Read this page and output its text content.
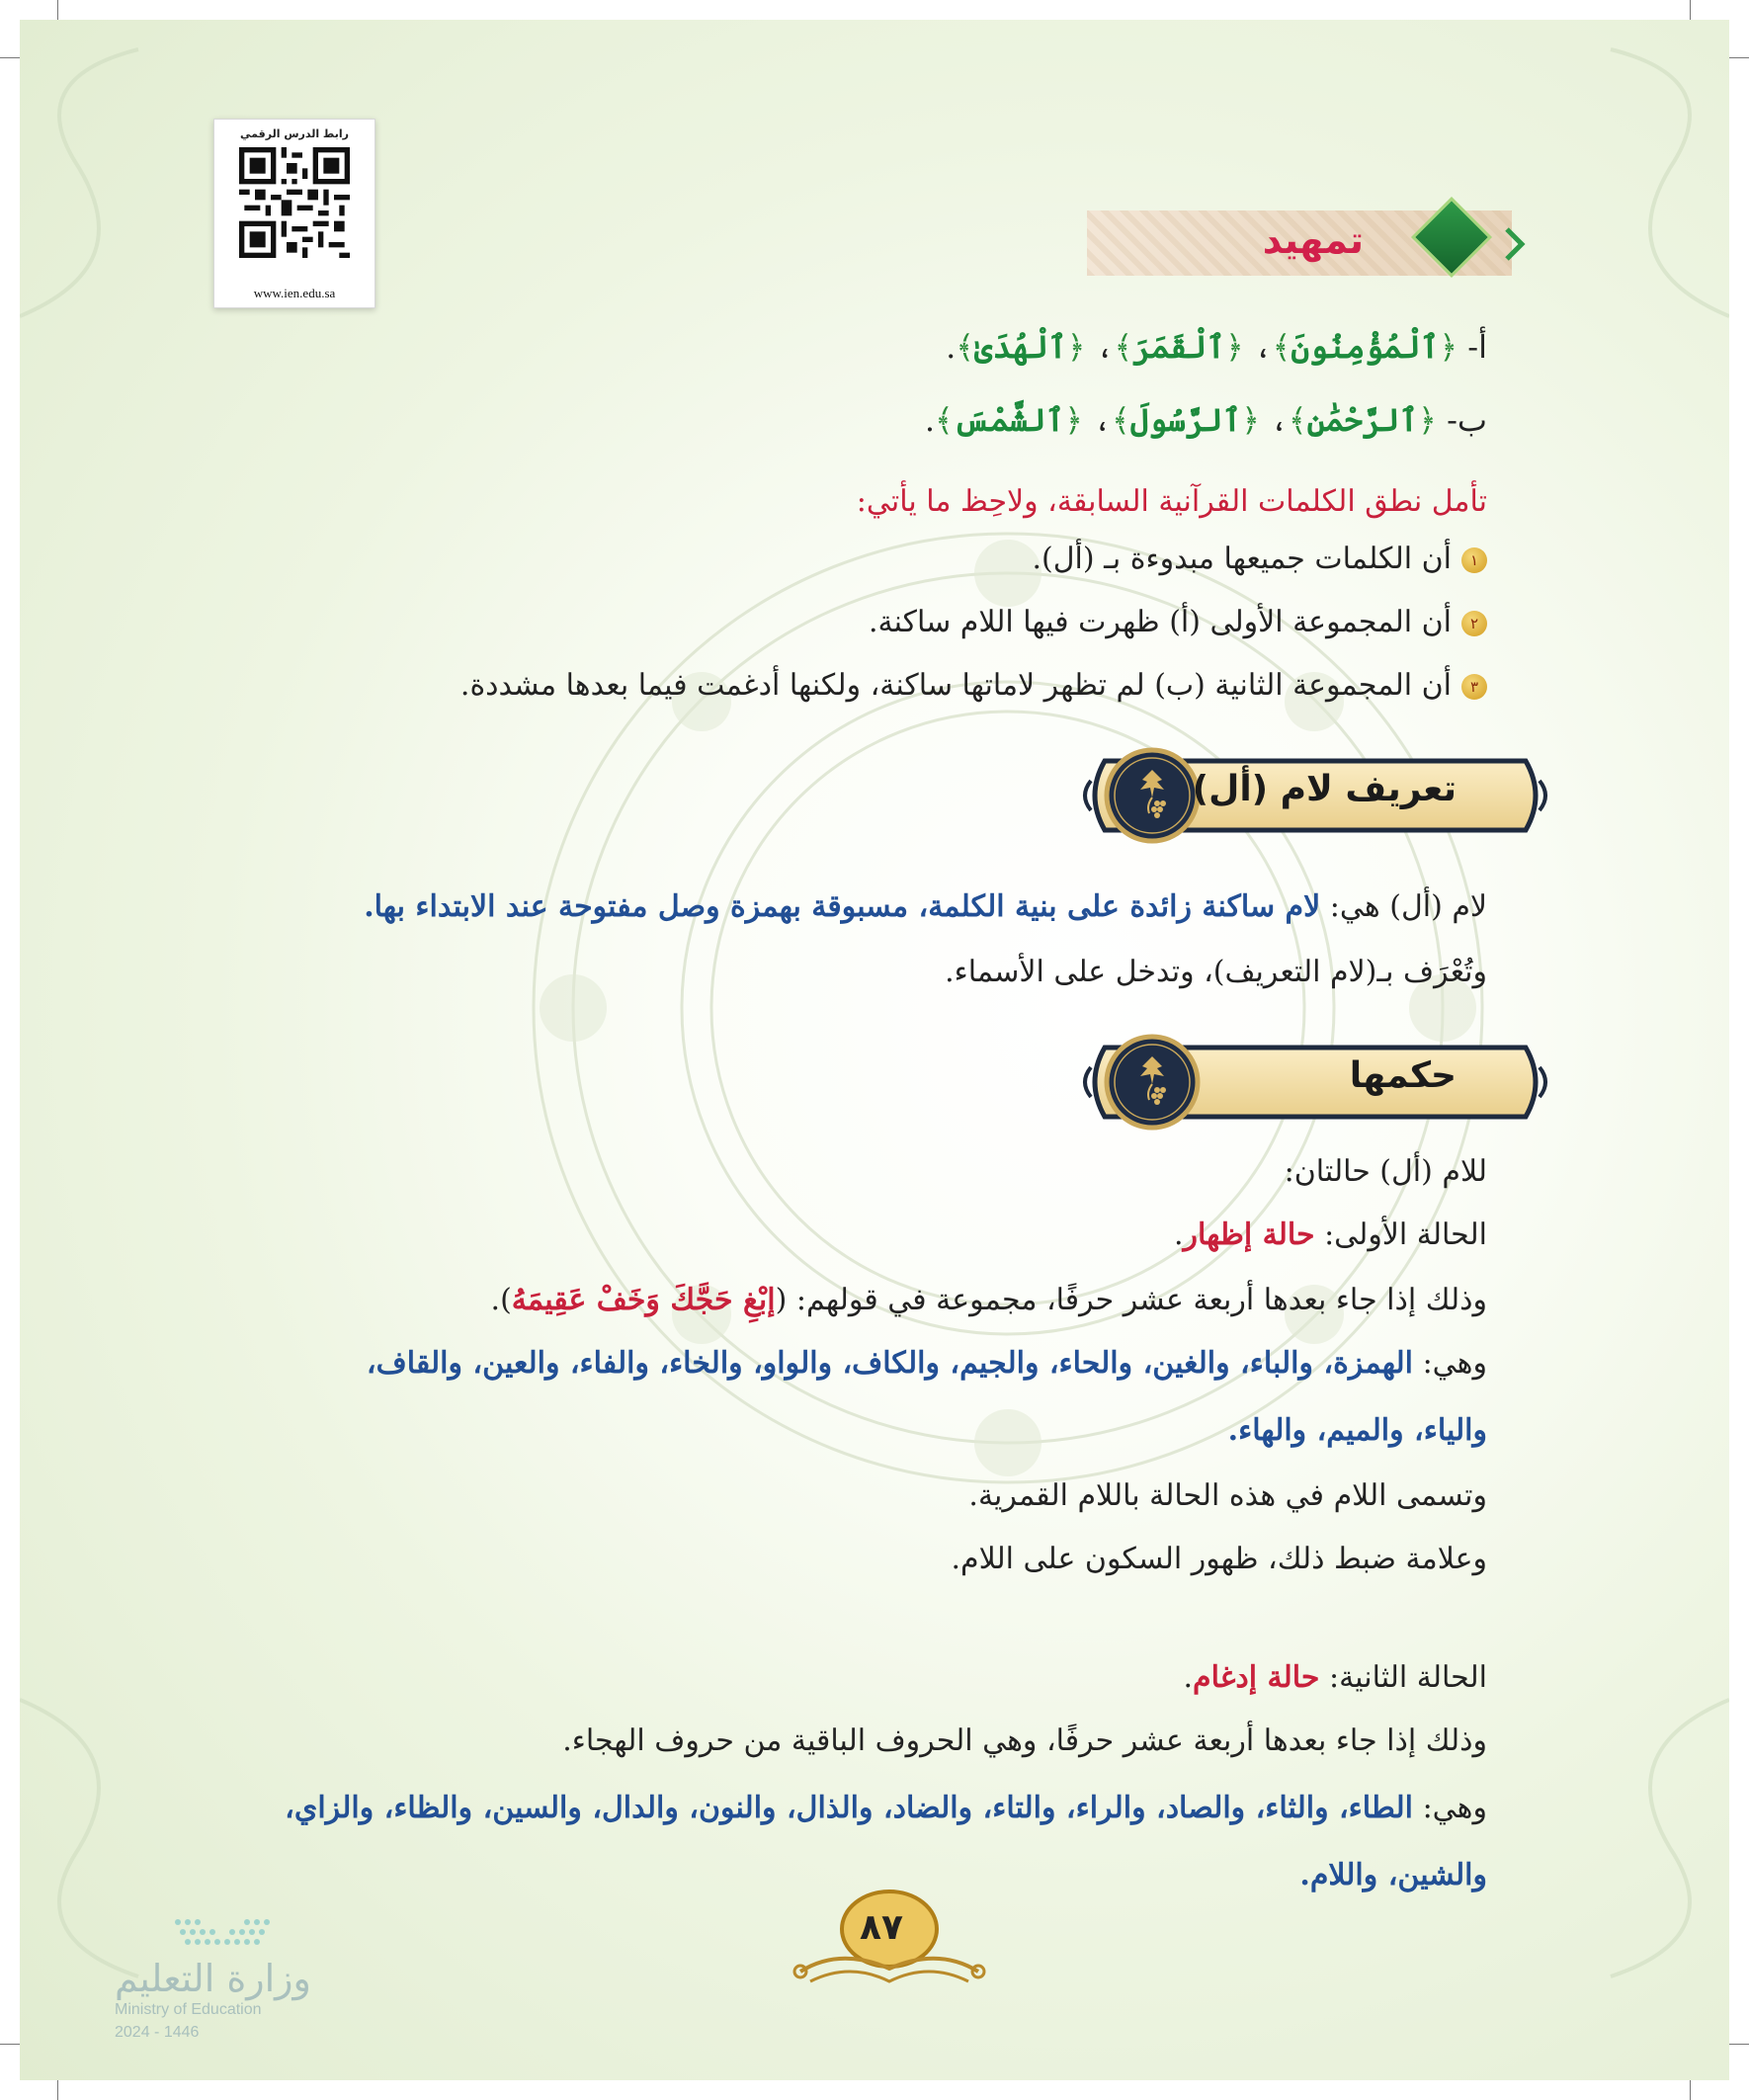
رابط الدرس الرقمي
www.ien.edu.sa
تمهيد
أ- ﴿ٱلْمُؤْمِنُونَ﴾، ﴿ٱلْقَمَرَ﴾، ﴿ٱلْهُدَىٰ﴾.
ب- ﴿ٱلرَّحْمَٰنِ﴾، ﴿ٱلرَّسُولَ﴾، ﴿ٱلشَّمْسَ﴾.
تأمل نطق الكلمات القرآنية السابقة، ولاحِظ ما يأتي:
١أن الكلمات جميعها مبدوءة بـ (أل).
٢أن المجموعة الأولى (أ) ظهرت فيها اللام ساكنة.
٣أن المجموعة الثانية (ب) لم تظهر لاماتها ساكنة، ولكنها أدغمت فيما بعدها مشددة.
تعريف لام (أل)
لام (أل) هي: لام ساكنة زائدة على بنية الكلمة، مسبوقة بهمزة وصل مفتوحة عند الابتداء بها.
وتُعْرَف بـ(لام التعريف)، وتدخل على الأسماء.
حكمها
للام (أل) حالتان:
الحالة الأولى: حالة إظهار.
وذلك إذا جاء بعدها أربعة عشر حرفًا، مجموعة في قولهم: (إبْغِ حَجَّكَ وَخَفْ عَقِيمَهُ).
وهي: الهمزة، والباء، والغين، والحاء، والجيم، والكاف، والواو، والخاء، والفاء، والعين، والقاف،
والياء، والميم، والهاء.
وتسمى اللام في هذه الحالة باللام القمرية.
وعلامة ضبط ذلك، ظهور السكون على اللام.
الحالة الثانية: حالة إدغام.
وذلك إذا جاء بعدها أربعة عشر حرفًا، وهي الحروف الباقية من حروف الهجاء.
وهي: الطاء، والثاء، والصاد، والراء، والتاء، والضاد، والذال، والنون، والدال، والسين، والظاء، والزاي،
والشين، واللام.
٨٧
وزارة التعليم
Ministry of Education
2024 - 1446
